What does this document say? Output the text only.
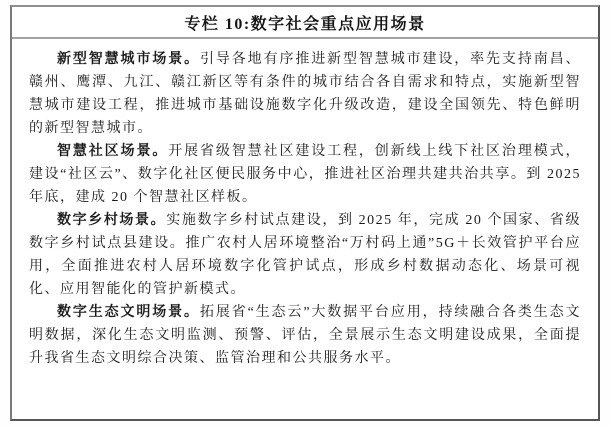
专栏 10:数字社会重点应用场景

新型智慧城市场景。引导各地有序推进新型智慧城市建设，率先支持南昌、赣州、鹰潭、九江、赣江新区等有条件的城市结合各自需求和特点，实施新型智慧城市建设工程，推进城市基础设施数字化升级改造，建设全国领先、特色鲜明的新型智慧城市。

智慧社区场景。开展省级智慧社区建设工程，创新线上线下社区治理模式，建设“社区云”、数字化社区便民服务中心，推进社区治理共建共治共享。到 2025 年底，建成 20 个智慧社区样板。

数字乡村场景。实施数字乡村试点建设，到 2025 年，完成 20 个国家、省级数字乡村试点县建设。推广农村人居环境整治“万村码上通”5G＋长效管护平台应用，全面推进农村人居环境数字化管护试点，形成乡村数据动态化、场景可视化、应用智能化的管护新模式。

数字生态文明场景。拓展省“生态云”大数据平台应用，持续融合各类生态文明数据，深化生态文明监测、预警、评估，全景展示生态文明建设成果，全面提升我省生态文明综合决策、监管治理和公共服务水平。
